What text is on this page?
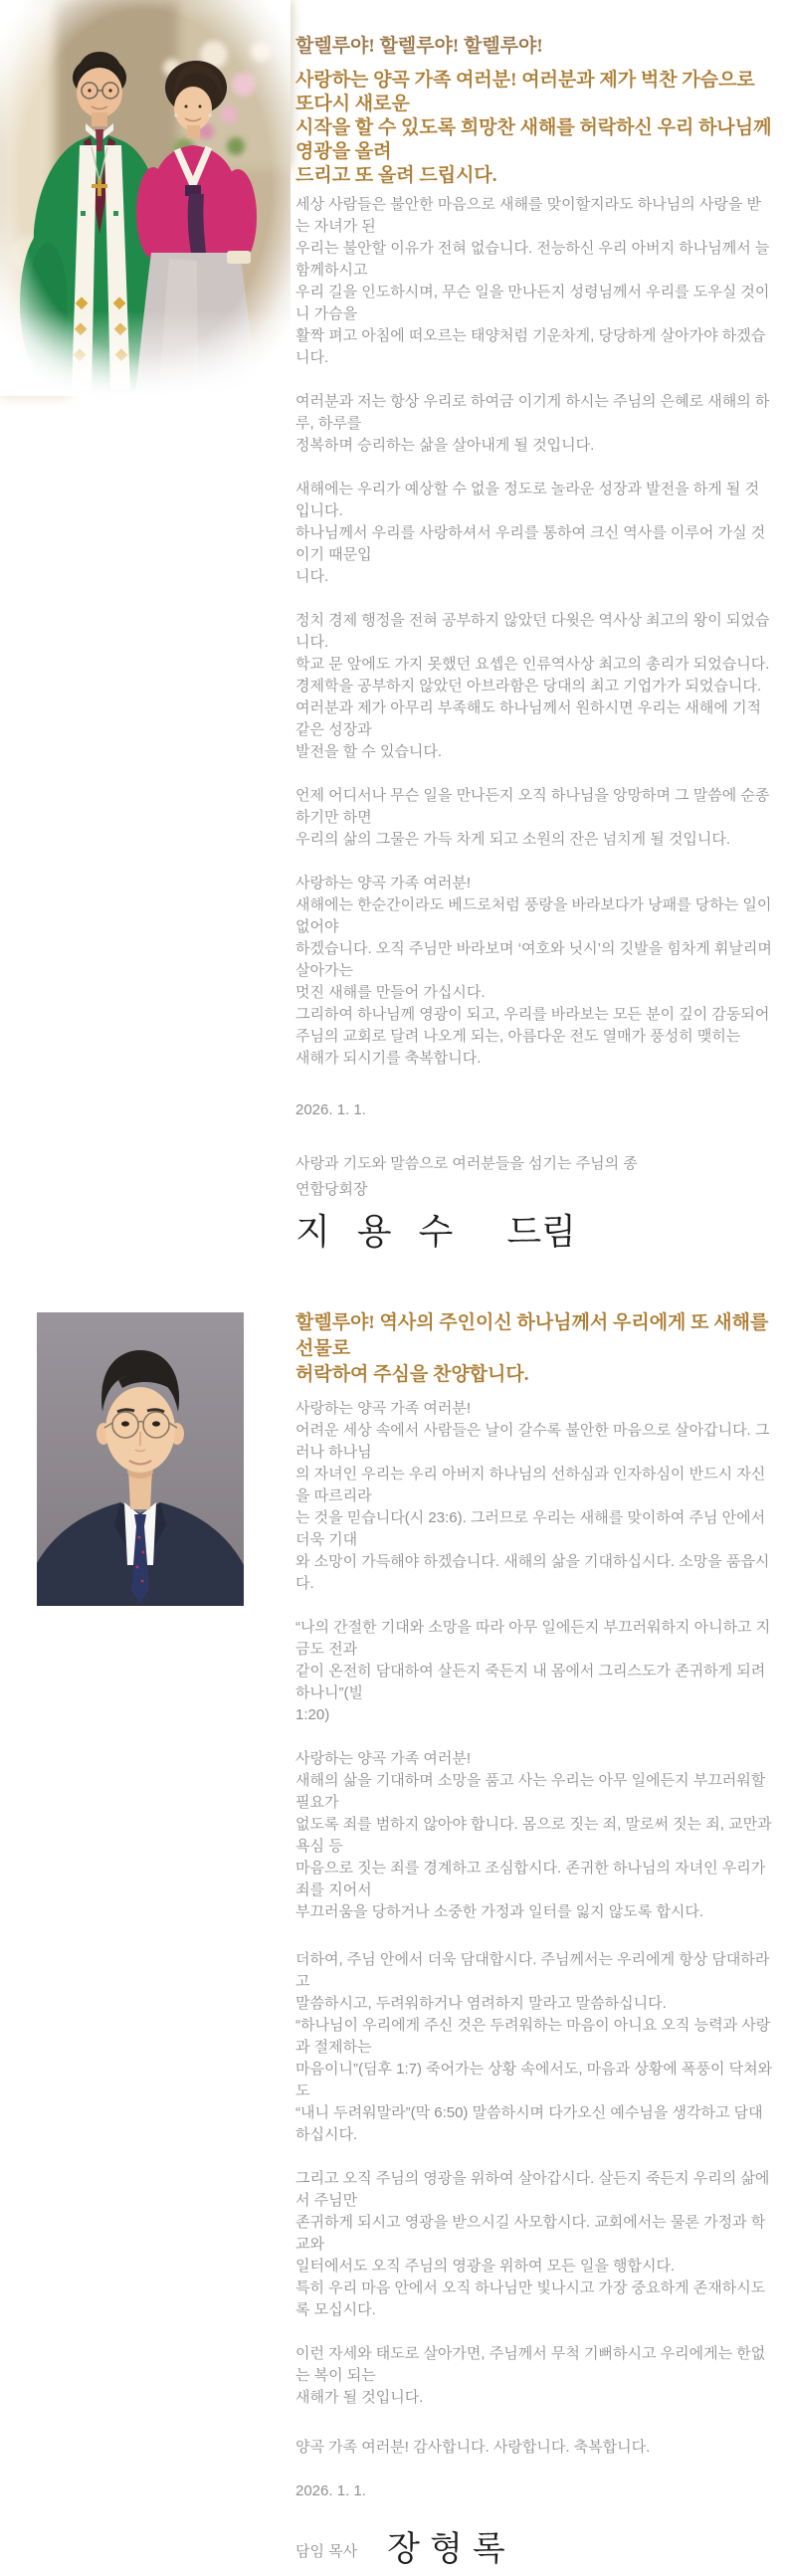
할렐루야! 할렐루야! 할렐루야!

사랑하는 양곡 가족 여러분! 여러분과 제가 벅찬 가슴으로 또다시 새로운
시작을 할 수 있도록 희망찬 새해를 허락하신 우리 하나님께 영광을 올려
드리고 또 올려 드립시다.

세상 사람들은 불안한 마음으로 새해를 맞이할지라도 하나님의 사랑을 받는 자녀가 된
우리는 불안할 이유가 전혀 없습니다. 전능하신 우리 아버지 하나님께서 늘 함께하시고
우리 길을 인도하시며, 무슨 일을 만나든지 성령님께서 우리를 도우실 것이니 가슴을
활짝 펴고 아침에 떠오르는 태양처럼 기운차게, 당당하게 살아가야 하겠습니다.

여러분과 저는 항상 우리로 하여금 이기게 하시는 주님의 은혜로 새해의 하루, 하루를
정복하며 승리하는 삶을 살아내게 될 것입니다.

새해에는 우리가 예상할 수 없을 정도로 놀라운 성장과 발전을 하게 될 것입니다.
하나님께서 우리를 사랑하셔서 우리를 통하여 크신 역사를 이루어 가실 것이기 때문입
니다.

정치 경제 행정을 전혀 공부하지 않았던 다윗은 역사상 최고의 왕이 되었습니다.
학교 문 앞에도 가지 못했던 요셉은 인류역사상 최고의 총리가 되었습니다.
경제학을 공부하지 않았던 아브라함은 당대의 최고 기업가가 되었습니다.
여러분과 제가 아무리 부족해도 하나님께서 원하시면 우리는 새해에 기적 같은 성장과
발전을 할 수 있습니다.

언제 어디서나 무슨 일을 만나든지 오직 하나님을 앙망하며 그 말씀에 순종하기만 하면
우리의 삶의 그물은 가득 차게 되고 소원의 잔은 넘치게 될 것입니다.

사랑하는 양곡 가족 여러분!
새해에는 한순간이라도 베드로처럼 풍랑을 바라보다가 낭패를 당하는 일이 없어야
하겠습니다. 오직 주님만 바라보며 ‘여호와 닛시’의 깃발을 힘차게 휘날리며 살아가는
멋진 새해를 만들어 가십시다.
그리하여 하나님께 영광이 되고, 우리를 바라보는 모든 분이 깊이 감동되어
주님의 교회로 달려 나오게 되는, 아름다운 전도 열매가 풍성히 맺히는
새해가 되시기를 축복합니다.

2026. 1. 1.

사랑과 기도와 말씀으로 여러분들을 섬기는 주님의 종
연합당회장

지   용   수      드림
할렐루야! 역사의 주인이신 하나님께서 우리에게 또 새해를 선물로
허락하여 주심을 찬양합니다.

사랑하는 양곡 가족 여러분!
어려운 세상 속에서 사람들은 날이 갈수록 불안한 마음으로 살아갑니다. 그러나 하나님
의 자녀인 우리는 우리 아버지 하나님의 선하심과 인자하심이 반드시 자신을 따르리라
는 것을 믿습니다(시 23:6). 그러므로 우리는 새해를 맞이하여 주님 안에서 더욱 기대
와 소망이 가득해야 하겠습니다. 새해의 삶을 기대하십시다. 소망을 품읍시다.

“나의 간절한 기대와 소망을 따라 아무 일에든지 부끄러워하지 아니하고 지금도 전과
같이 온전히 담대하여 살든지 죽든지 내 몸에서 그리스도가 존귀하게 되려 하나니”(빌
1:20)

사랑하는 양곡 가족 여러분!
새해의 삶을 기대하며 소망을 품고 사는 우리는 아무 일에든지 부끄러워할 필요가
없도록 죄를 범하지 않아야 합니다. 몸으로 짓는 죄, 말로써 짓는 죄, 교만과 욕심 등
마음으로 짓는 죄를 경계하고 조심합시다. 존귀한 하나님의 자녀인 우리가 죄를 지어서
부끄러움을 당하거나 소중한 가정과 일터를 잃지 않도록 합시다.

더하여, 주님 안에서 더욱 담대합시다. 주님께서는 우리에게 항상 담대하라고
말씀하시고, 두려워하거나 염려하지 말라고 말씀하십니다.
“하나님이 우리에게 주신 것은 두려워하는 마음이 아니요 오직 능력과 사랑과 절제하는
마음이니”(딤후 1:7) 죽어가는 상황 속에서도, 마음과 상황에 폭풍이 닥쳐와도
“내니 두려워말라”(막 6:50) 말씀하시며 다가오신 예수님을 생각하고 담대하십시다.

그리고 오직 주님의 영광을 위하여 살아갑시다. 살든지 죽든지 우리의 삶에서 주님만
존귀하게 되시고 영광을 받으시길 사모합시다. 교회에서는 물론 가정과 학교와
일터에서도 오직 주님의 영광을 위하여 모든 일을 행합시다.
특히 우리 마음 안에서 오직 하나님만 빛나시고 가장 중요하게 존재하시도록 모십시다.

이런 자세와 태도로 살아가면, 주님께서 무척 기뻐하시고 우리에게는 한없는 복이 되는
새해가 될 것입니다.

양곡 가족 여러분! 감사합니다. 사랑합니다. 축복합니다.

2026. 1. 1.

담임 목사 장형록
